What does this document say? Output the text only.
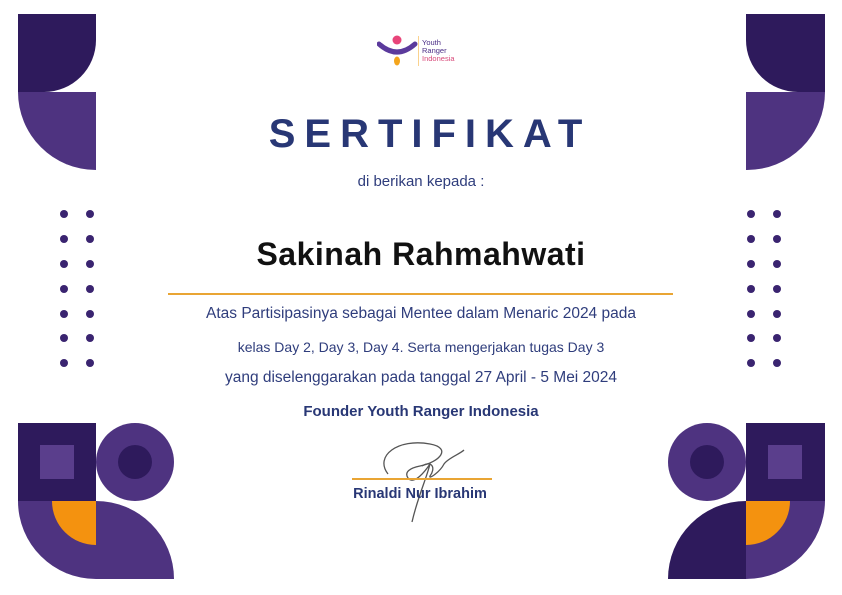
Youth
Ranger
Indonesia
SERTIFIKAT
di berikan kepada :
Sakinah Rahmahwati
Atas Partisipasinya sebagai Mentee dalam Menaric 2024 pada
kelas Day 2, Day 3, Day 4. Serta mengerjakan tugas Day 3
yang diselenggarakan pada tanggal 27 April - 5 Mei 2024
Founder Youth Ranger Indonesia
Rinaldi Nur Ibrahim
